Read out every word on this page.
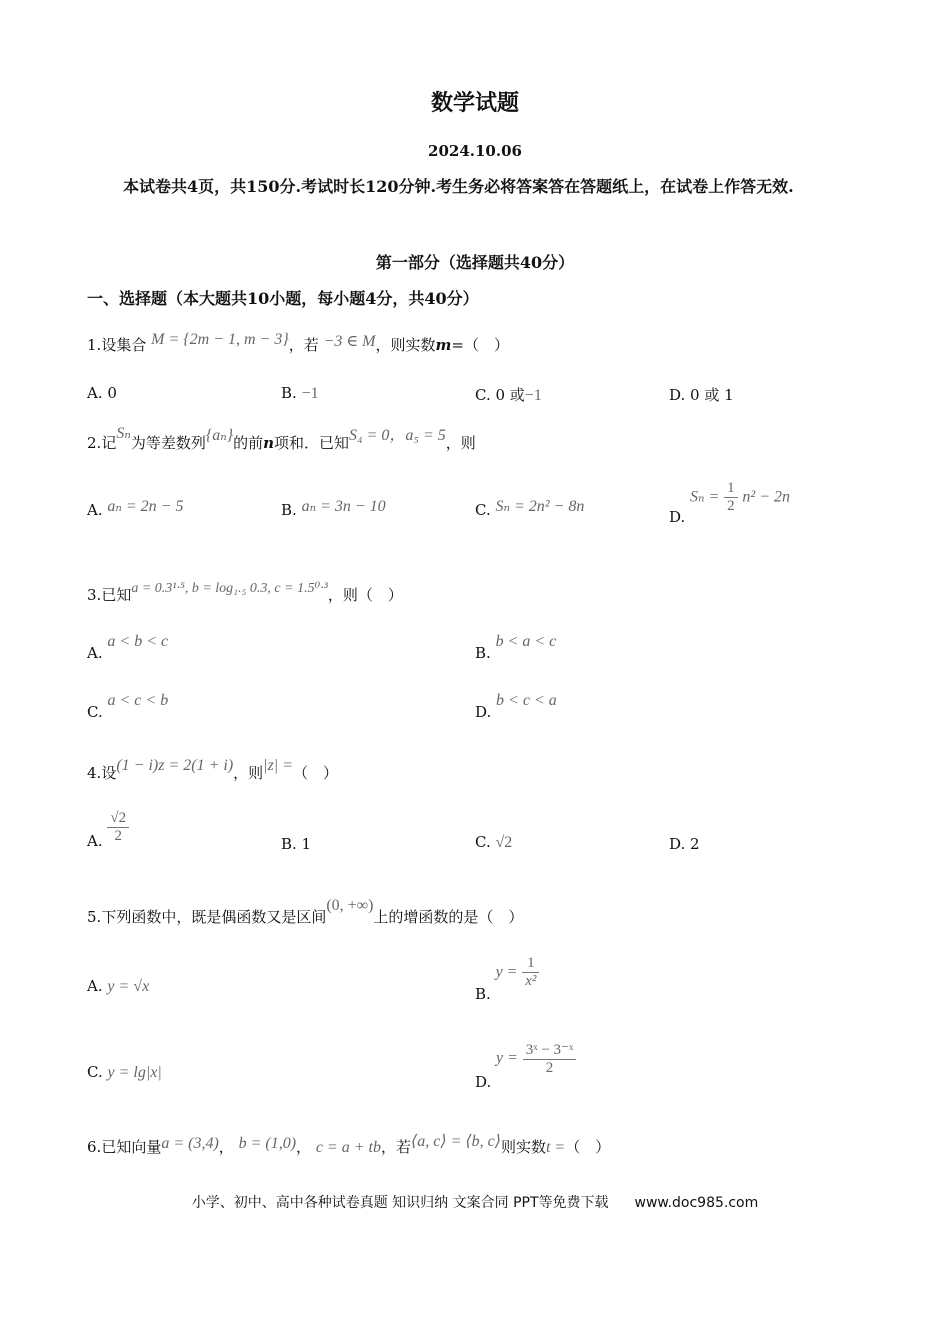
数学试题
2024.10.06
本试卷共4页，共150分.考试时长120分钟.考生务必将答案答在答题纸上，在试卷上作答无效.
第一部分（选择题共40分）
一、选择题（本大题共10小题，每小题4分，共40分）
1.设集合 M = {2m − 1, m − 3}，若 −3 ∈ M，则实数m=（　）
A. 0	B. −1	C. 0 或−1	D. 0 或 1
2.记Sₙ为等差数列{aₙ}的前n项和．已知S₄ = 0，a₅ = 5，则
A. aₙ = 2n − 5	B. aₙ = 3n − 10	C. Sₙ = 2n² − 8n
D. $S_n = \frac{1}{2} n^2 - 2n$
3.已知a = 0.3¹·⁵, b = log₁.₅ 0.3, c = 1.5⁰·³，则（　）
A. a < b < c
B. b < a < c
C. a < c < b
D. b < c < a
4.设(1 − i)z = 2(1 + i)，则|z| =（　）
A. $\frac{√2}{2}$	B. 1	C. √2	D. 2
5.下列函数中，既是偶函数又是区间(0, +∞)上的增函数的是（　）
A. y = √x	B. $y = \frac{1}{\text{x²}}$
C. y = lg|x|	D. $y = \frac{\text{3ˣ − 3⁻ˣ}}{2}$
6.已知向量a = (3,4)， b = (1,0)， c = a + tb，若⟨a, c⟩ = ⟨b, c⟩则实数t =（　）
小学、初中、高中各种试卷真题 知识归纳 文案合同 PPT等免费下载 www.doc985.com
